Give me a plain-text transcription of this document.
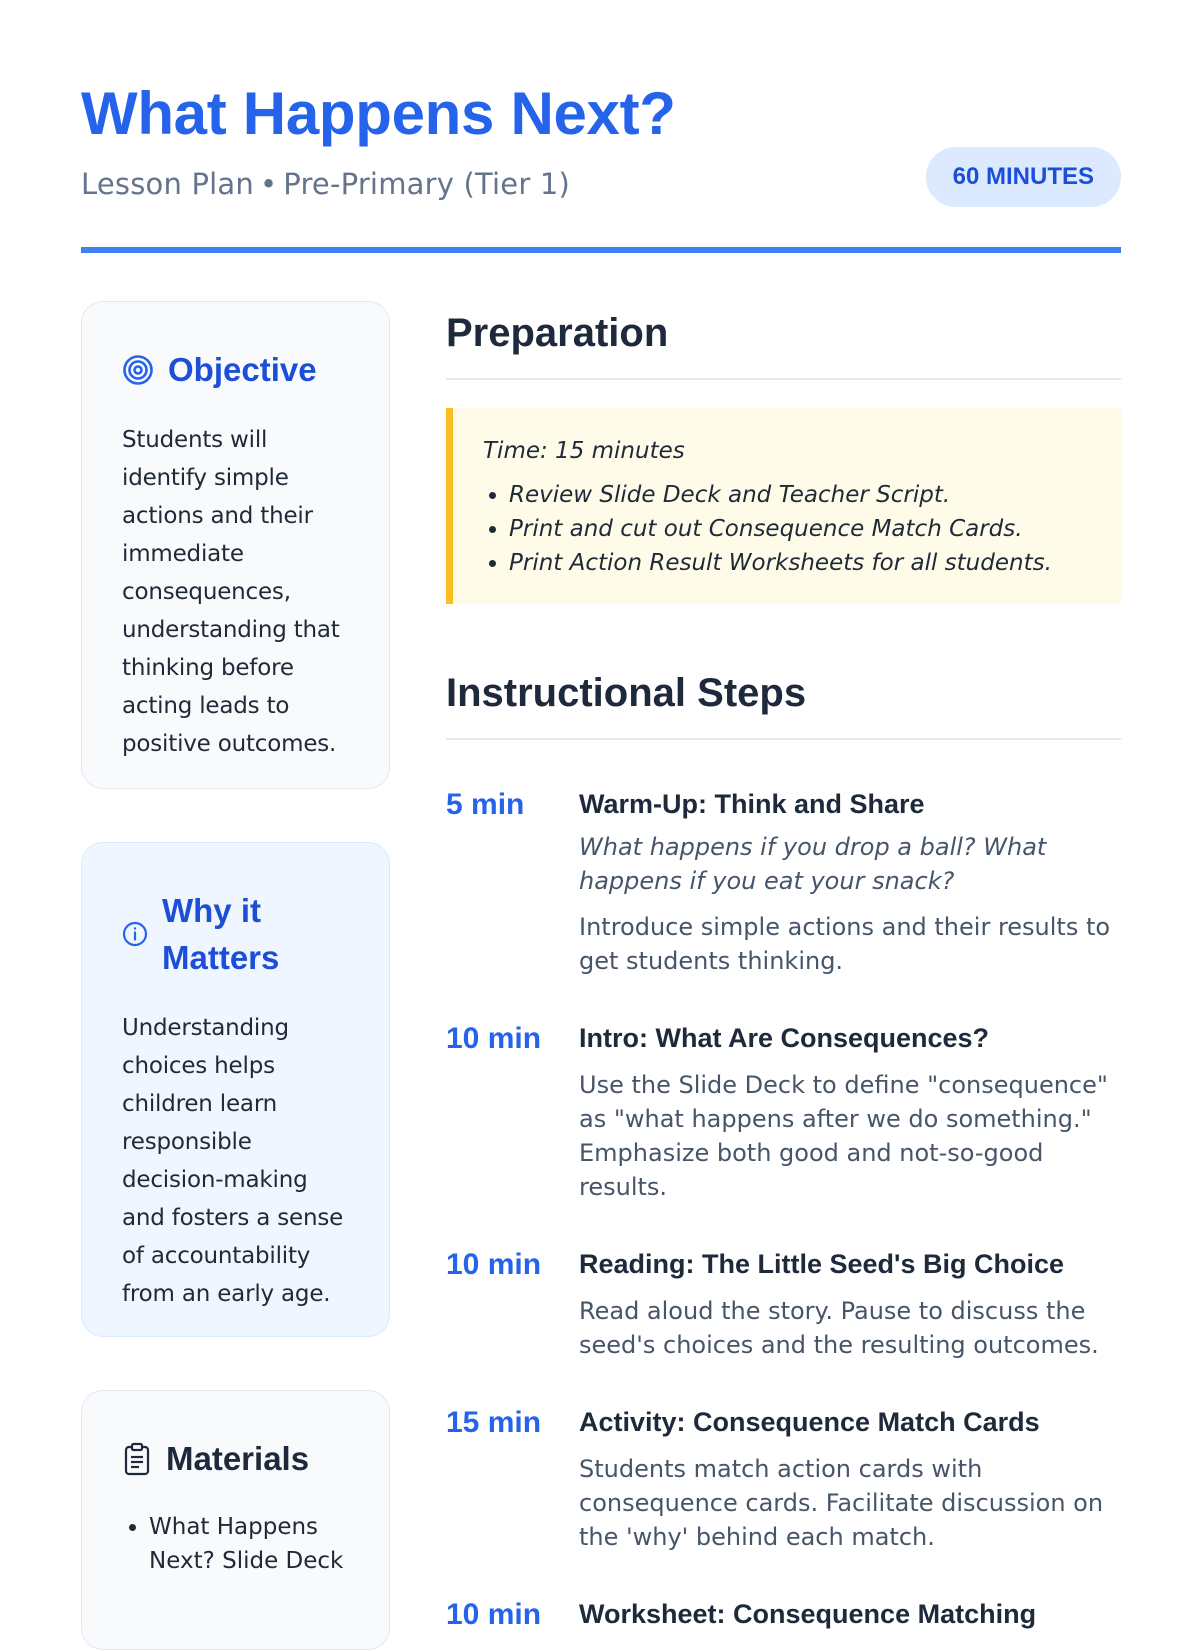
What Happens Next?
Lesson Plan • Pre-Primary (Tier 1)	60 MINUTES
Objective

Students will identify simple actions and their immediate consequences, understanding that thinking before acting leads to positive outcomes.

Why it Matters

Understanding choices helps children learn responsible decision-making and fosters a sense of accountability from an early age.

Materials
• What Happens Next? Slide Deck
Preparation
Time: 15 minutes
• Review Slide Deck and Teacher Script.
• Print and cut out Consequence Match Cards.
• Print Action Result Worksheets for all students.
Instructional Steps
5 min	Warm-Up: Think and Share
What happens if you drop a ball? What happens if you eat your snack?
Introduce simple actions and their results to get students thinking.
10 min	Intro: What Are Consequences?
Use the Slide Deck to define "consequence" as "what happens after we do something." Emphasize both good and not-so-good results.
10 min	Reading: The Little Seed's Big Choice
Read aloud the story. Pause to discuss the seed's choices and the resulting outcomes.
15 min	Activity: Consequence Match Cards
Students match action cards with consequence cards. Facilitate discussion on the 'why' behind each match.
10 min	Worksheet: Consequence Matching
